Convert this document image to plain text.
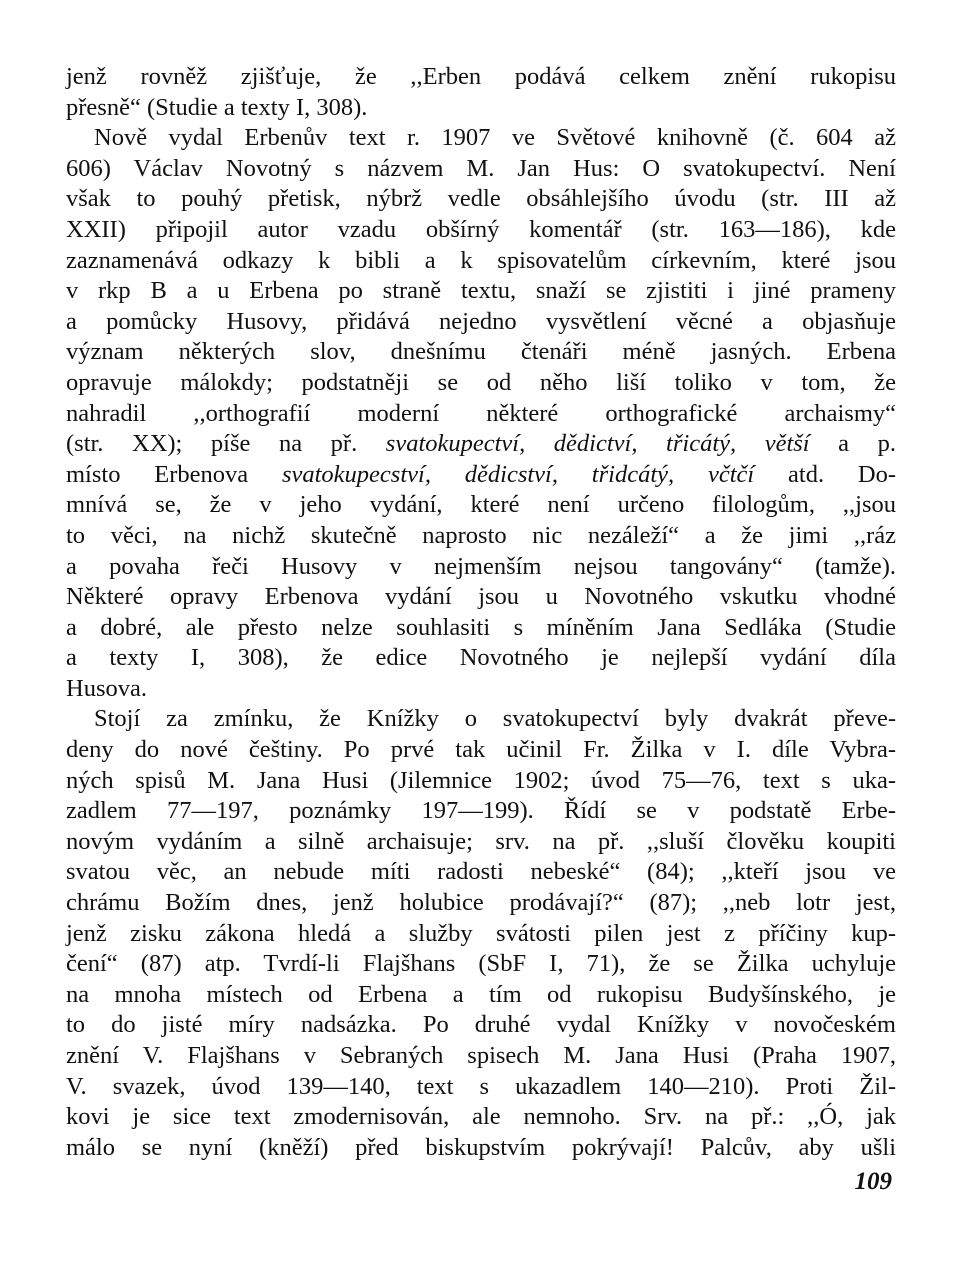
jenž rovněž zjišťuje, že ,,Erben podává celkem znění rukopisu
přesně“ (Studie a texty I, 308).
Nově vydal Erbenův text r. 1907 ve Světové knihovně (č. 604 až
606) Václav Novotný s názvem M. Jan Hus: O svatokupectví. Není
však to pouhý přetisk, nýbrž vedle obsáhlejšího úvodu (str. III až
XXII) připojil autor vzadu obšírný komentář (str. 163—186), kde
zaznamenává odkazy k bibli a k spisovatelům církevním, které jsou
v rkp B a u Erbena po straně textu, snaží se zjistiti i jiné prameny
a pomůcky Husovy, přidává nejedno vysvětlení věcné a objasňuje
význam některých slov, dnešnímu čtenáři méně jasných. Erbena
opravuje málokdy; podstatněji se od něho liší toliko v tom, že
nahradil ,,orthografií moderní některé orthografické archaismy“
(str. XX); píše na př. svatokupectví, dědictví, třicátý, větší a p.
místo Erbenova svatokupecství, dědicství, třidcátý, včtčí atd. Do-
mnívá se, že v jeho vydání, které není určeno filologům, ,,jsou
to věci, na nichž skutečně naprosto nic nezáleží“ a že jimi ,,ráz
a povaha řeči Husovy v nejmenším nejsou tangovány“ (tamže).
Některé opravy Erbenova vydání jsou u Novotného vskutku vhodné
a dobré, ale přesto nelze souhlasiti s míněním Jana Sedláka (Studie
a texty I, 308), že edice Novotného je nejlepší vydání díla
Husova.
Stojí za zmínku, že Knížky o svatokupectví byly dvakrát převe-
deny do nové češtiny. Po prvé tak učinil Fr. Žilka v I. díle Vybra-
ných spisů M. Jana Husi (Jilemnice 1902; úvod 75—76, text s uka-
zadlem 77—197, poznámky 197—199). Řídí se v podstatě Erbe-
novým vydáním a silně archaisuje; srv. na př. ,,sluší člověku koupiti
svatou věc, an nebude míti radosti nebeské“ (84); ,,kteří jsou ve
chrámu Božím dnes, jenž holubice prodávají?“ (87); ,,neb lotr jest,
jenž zisku zákona hledá a služby svátosti pilen jest z příčiny kup-
čení“ (87) atp. Tvrdí-li Flajšhans (SbF I, 71), že se Žilka uchyluje
na mnoha místech od Erbena a tím od rukopisu Budyšínského, je
to do jisté míry nadsázka. Po druhé vydal Knížky v novočeském
znění V. Flajšhans v Sebraných spisech M. Jana Husi (Praha 1907,
V. svazek, úvod 139—140, text s ukazadlem 140—210). Proti Žil-
kovi je sice text zmodernisován, ale nemnoho. Srv. na př.: ,,Ó, jak
málo se nyní (kněží) před biskupstvím pokrývají! Palcův, aby ušli
109
